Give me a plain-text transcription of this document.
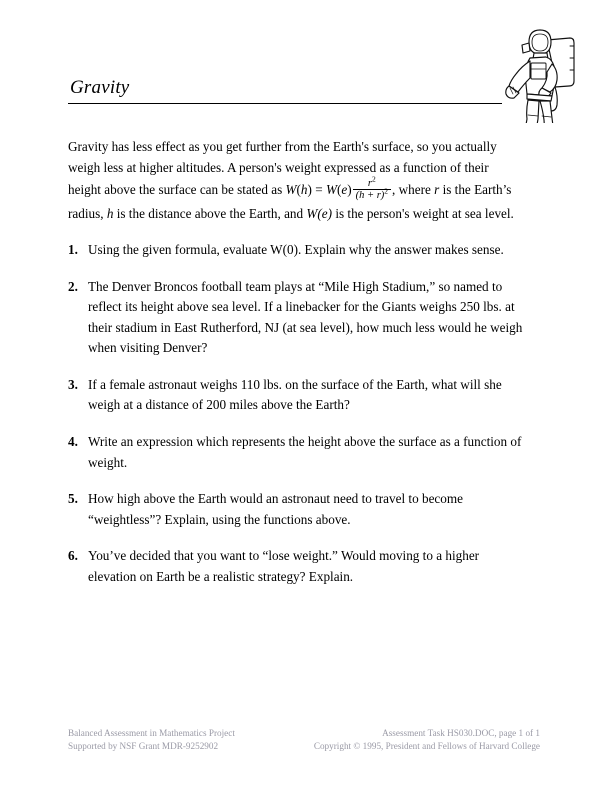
Gravity

Gravity has less effect as you get further from the Earth's surface, so you actually weigh less at higher altitudes. A person's weight expressed as a function of their height above the surface can be stated as $W(h) = W(e) \frac{r^2}{(h + r)^2}$ , where r is the Earth’s radius, h is the distance above the Earth, and W(e) is the person's weight at sea level.

1. Using the given formula, evaluate W(0). Explain why the answer makes sense.
2. The Denver Broncos football team plays at “Mile High Stadium,” so named to reflect its height above sea level. If a linebacker for the Giants weighs 250 lbs. at their stadium in East Rutherford, NJ (at sea level), how much less would he weigh when visiting Denver?
3. If a female astronaut weighs 110 lbs. on the surface of the Earth, what will she weigh at a distance of 200 miles above the Earth?
4. Write an expression which represents the height above the surface as a function of weight.
5. How high above the Earth would an astronaut need to travel to become “weightless”? Explain, using the functions above.
6. You’ve decided that you want to “lose weight.” Would moving to a higher elevation on Earth be a realistic strategy? Explain.
Balanced Assessment in Mathematics Project
Supported by NSF Grant MDR-9252902
Assessment Task HS030.DOC, page 1 of 1
Copyright © 1995, President and Fellows of Harvard College
